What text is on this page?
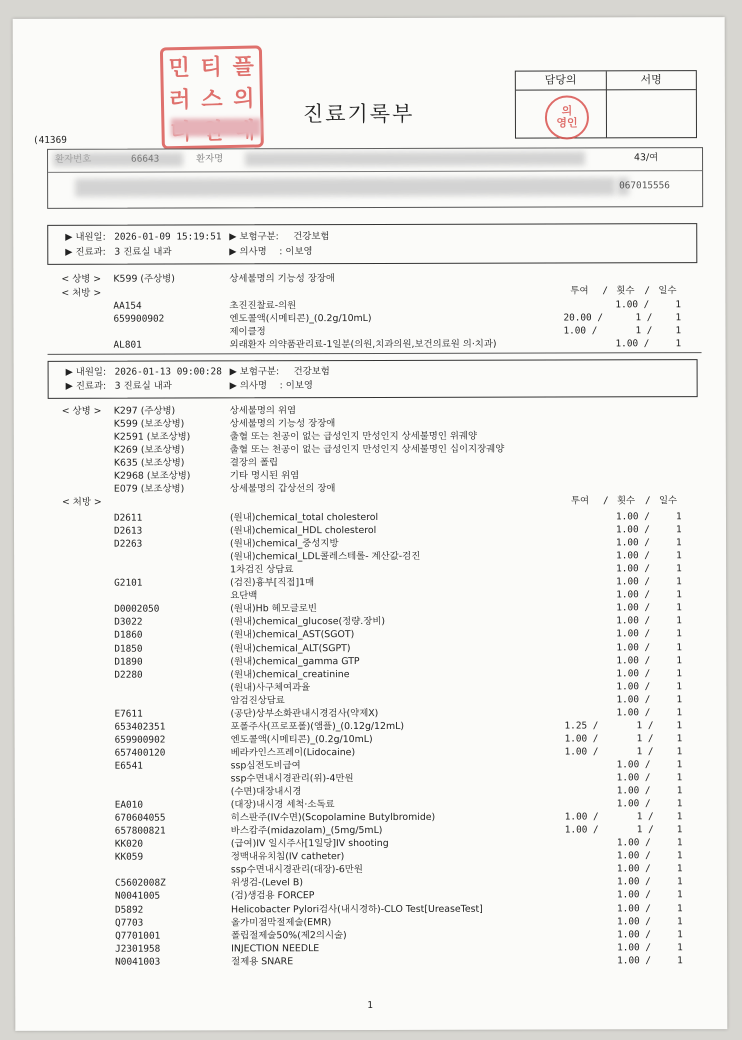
민 티 플
러 스 의
진료기록부
담당의	서명
의
영인
(41369
환자번호	66643	환자명	43/여
067015556
▶ 내원일: 2026-01-09 15:19:51 ▶ 보험구분: 건강보험
▶ 진료과: 3 진료실 내과	▶ 의사명 : 이보영
< 상병 >
< 처방 >	투여 / 횟수 / 일수
K599 (주상병)	상세불명의 기능성 장장애
AA154	초진진찰료-의원	1.00 /	1
659900902	엔도콜액(시메티콘)_(0.2g/10mL)	20.00 /	1 / 1
제이클정	1.00 /	1 / 1
AL801	외래환자 의약품관리료-1일분(의원,치과의원,보건의료원 의·치과)	1.00 /	1
▶ 내원일: 2026-01-13 09:00:28 ▶ 보험구분: 건강보험
▶ 진료과: 3 진료실 내과	▶ 의사명 : 이보영
< 상병 >
< 처방 >	투여 / 횟수 / 일수
K297 (주상병)	상세불명의 위염
K599 (보조상병)	상세불명의 기능성 장장애
K2591 (보조상병)	출혈 또는 천공이 없는 급성인지 만성인지 상세불명인 위궤양
K269 (보조상병)	출혈 또는 천공이 없는 급성인지 만성인지 상세불명인 십이지장궤양
K635 (보조상병)	결장의 폴립
K2968 (보조상병)	기타 명시된 위염
E079 (보조상병)	상세불명의 갑상선의 장애
D2611	(원내)chemical_total cholesterol	1.00 /	1
D2613	(원내)chemical_HDL cholesterol	1.00 /	1
D2263	(원내)chemical_중성지방	1.00 /	1
(원내)chemical_LDL콜레스테롤- 계산값-검진	1.00 /	1
1차검진 상담료	1.00 /	1
G2101	(검진)흉부[직접]1매	1.00 /	1
요단백	1.00 /	1
D0002050	(원내)Hb 헤모글로빈	1.00 /	1
D3022	(원내)chemical_glucose(정량.장비)	1.00 /	1
D1860	(원내)chemical_AST(SGOT)	1.00 /	1
D1850	(원내)chemical_ALT(SGPT)	1.00 /	1
D1890	(원내)chemical_gamma GTP	1.00 /	1
D2280	(원내)chemical_creatinine	1.00 /	1
(원내)사구체여과율	1.00 /	1
암검진상담료	1.00 /	1
E7611	(공단)상부소화관내시경검사(약제X)	1.00 /	1
653402351	포폴주사(프로포폴)(앰플)_(0.12g/12mL)	1.25 /	1 / 1
659900902	엔도콜액(시메티콘)_(0.2g/10mL)	1.00 /	1 / 1
657400120	베라카인스프레이(Lidocaine)	1.00 /	1 / 1
E6541	ssp심전도비급여	1.00 /	1
ssp수면내시경관리(위)-4만원	1.00 /	1
(수면)대장내시경	1.00 /	1
EA010	(대장)내시경 세척·소독료	1.00 /	1
670604055	히스판주(IV수면)(Scopolamine Butylbromide)	1.00 /	1 / 1
657800821	바스캄주(midazolam)_(5mg/5mL)	1.00 /	1 / 1
KK020	(급여)IV 일시주사[1일당]IV shooting	1.00 /	1
KK059	정맥내유치침(IV catheter)	1.00 /	1
ssp수면내시경관리(대장)-6만원	1.00 /	1
C5602008Z	위생검-(Level B)	1.00 /	1
N0041005	(검)생검용 FORCEP	1.00 /	1
D5892	Helicobacter Pylori검사(내시경하)-CLO Test[UreaseTest]	1.00 /	1
Q7703	올가미점막절제술(EMR)	1.00 /	1
Q7701001	폴립절제술50%(제2의시술)	1.00 /	1
J2301958	INJECTION NEEDLE	1.00 /	1
N0041003	절제용 SNARE	1.00 /	1
1
